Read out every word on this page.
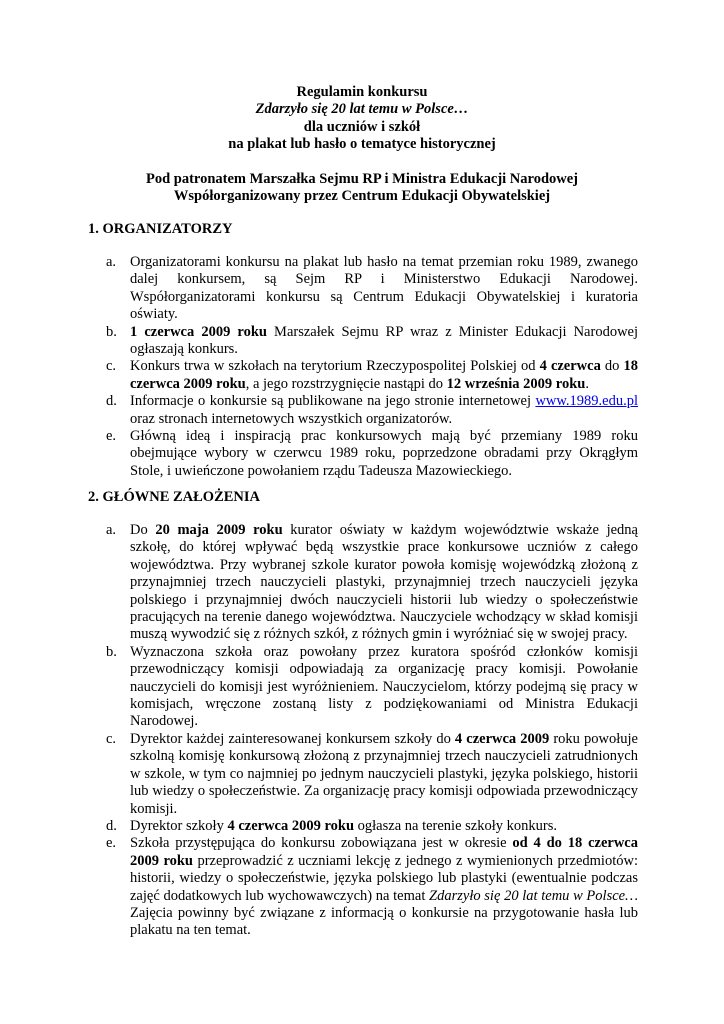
Regulamin konkursu
Zdarzyło się 20 lat temu w Polsce…
dla uczniów i szkół
na plakat lub hasło o tematyce historycznej
Pod patronatem Marszałka Sejmu RP i Ministra Edukacji Narodowej
Współorganizowany przez Centrum Edukacji Obywatelskiej
1. ORGANIZATORZY
a. Organizatorami konkursu na plakat lub hasło na temat przemian roku 1989, zwanego dalej konkursem, są Sejm RP i Ministerstwo Edukacji Narodowej. Współorganizatorami konkursu są Centrum Edukacji Obywatelskiej i kuratoria oświaty.
b. 1 czerwca 2009 roku Marszałek Sejmu RP wraz z Minister Edukacji Narodowej ogłaszają konkurs.
c. Konkurs trwa w szkołach na terytorium Rzeczypospolitej Polskiej od 4 czerwca do 18 czerwca 2009 roku, a jego rozstrzygnięcie nastąpi do 12 września 2009 roku.
d. Informacje o konkursie są publikowane na jego stronie internetowej www.1989.edu.pl oraz stronach internetowych wszystkich organizatorów.
e. Główną ideą i inspiracją prac konkursowych mają być przemiany 1989 roku obejmujące wybory w czerwcu 1989 roku, poprzedzone obradami przy Okrągłym Stole, i uwieńczone powołaniem rządu Tadeusza Mazowieckiego.
2. GŁÓWNE ZAŁOŻENIA
a. Do 20 maja 2009 roku kurator oświaty w każdym województwie wskaże jedną szkołę, do której wpływać będą wszystkie prace konkursowe uczniów z całego województwa. Przy wybranej szkole kurator powoła komisję wojewódzką złożoną z przynajmniej trzech nauczycieli plastyki, przynajmniej trzech nauczycieli języka polskiego i przynajmniej dwóch nauczycieli historii lub wiedzy o społeczeństwie pracujących na terenie danego województwa. Nauczyciele wchodzący w skład komisji muszą wywodzić się z różnych szkół, z różnych gmin i wyróżniać się w swojej pracy.
b. Wyznaczona szkoła oraz powołany przez kuratora spośród członków komisji przewodniczący komisji odpowiadają za organizację pracy komisji. Powołanie nauczycieli do komisji jest wyróżnieniem. Nauczycielom, którzy podejmą się pracy w komisjach, wręczone zostaną listy z podziękowaniami od Ministra Edukacji Narodowej.
c. Dyrektor każdej zainteresowanej konkursem szkoły do 4 czerwca 2009 roku powołuje szkolną komisję konkursową złożoną z przynajmniej trzech nauczycieli zatrudnionych w szkole, w tym co najmniej po jednym nauczycieli plastyki, języka polskiego, historii lub wiedzy o społeczeństwie. Za organizację pracy komisji odpowiada przewodniczący komisji.
d. Dyrektor szkoły 4 czerwca 2009 roku ogłasza na terenie szkoły konkurs.
e. Szkoła przystępująca do konkursu zobowiązana jest w okresie od 4 do 18 czerwca 2009 roku przeprowadzić z uczniami lekcję z jednego z wymienionych przedmiotów: historii, wiedzy o społeczeństwie, języka polskiego lub plastyki (ewentualnie podczas zajęć dodatkowych lub wychowawczych) na temat Zdarzyło się 20 lat temu w Polsce… Zajęcia powinny być związane z informacją o konkursie na przygotowanie hasła lub plakatu na ten temat.
